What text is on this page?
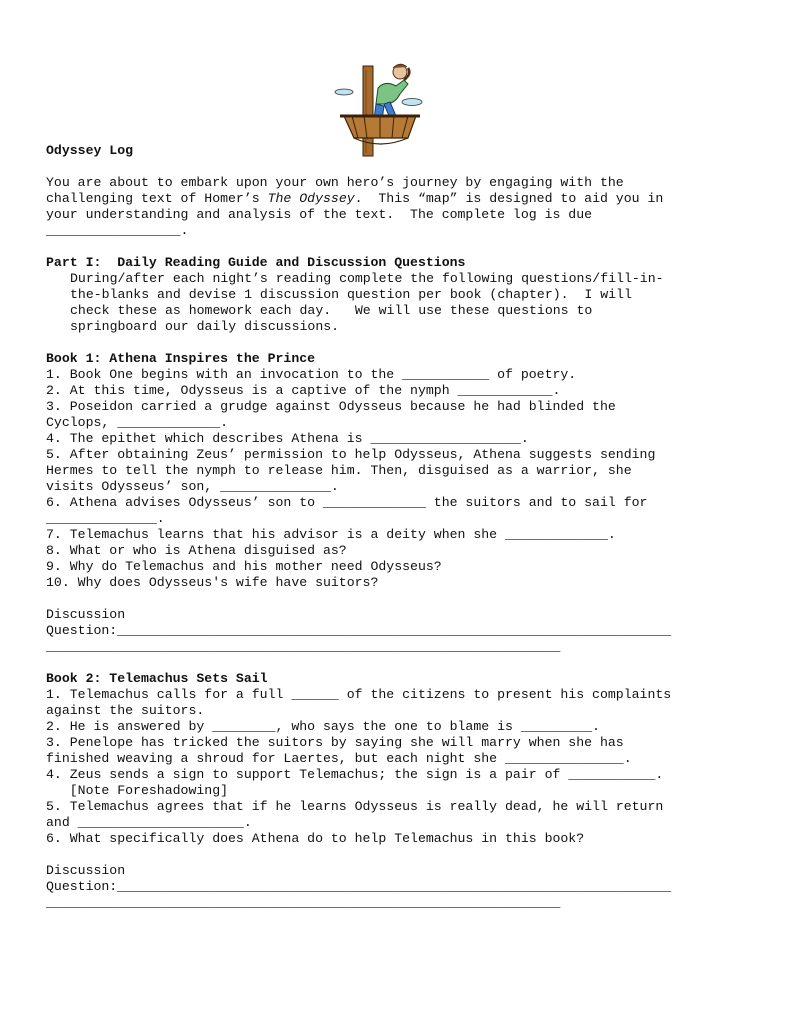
Odyssey Log
You are about to embark upon your own hero’s journey by engaging with the
challenging text of Homer’s The Odyssey.  This “map” is designed to aid you in
your understanding and analysis of the text.  The complete log is due
_________________.
Part I:  Daily Reading Guide and Discussion Questions
During/after each night’s reading complete the following questions/fill-in-
the-blanks and devise 1 discussion question per book (chapter).  I will
check these as homework each day.   We will use these questions to
springboard our daily discussions.
Book 1: Athena Inspires the Prince
1. Book One begins with an invocation to the ___________ of poetry.
2. At this time, Odysseus is a captive of the nymph ____________.
3. Poseidon carried a grudge against Odysseus because he had blinded the
Cyclops, _____________.
4. The epithet which describes Athena is ___________________.
5. After obtaining Zeus’ permission to help Odysseus, Athena suggests sending
Hermes to tell the nymph to release him. Then, disguised as a warrior, she
visits Odysseus’ son, ______________.
6. Athena advises Odysseus’ son to _____________ the suitors and to sail for
______________.
7. Telemachus learns that his advisor is a deity when she _____________.
8. What or who is Athena disguised as?
9. Why do Telemachus and his mother need Odysseus?
10. Why does Odysseus's wife have suitors?
Discussion
Question:______________________________________________________________________
_________________________________________________________________
Book 2: Telemachus Sets Sail
1. Telemachus calls for a full ______ of the citizens to present his complaints
against the suitors.
2. He is answered by ________, who says the one to blame is _________.
3. Penelope has tricked the suitors by saying she will marry when she has
finished weaving a shroud for Laertes, but each night she _______________.
4. Zeus sends a sign to support Telemachus; the sign is a pair of ___________.
[Note Foreshadowing]
5. Telemachus agrees that if he learns Odysseus is really dead, he will return
and _____________________.
6. What specifically does Athena do to help Telemachus in this book?
Discussion
Question:______________________________________________________________________
_________________________________________________________________
